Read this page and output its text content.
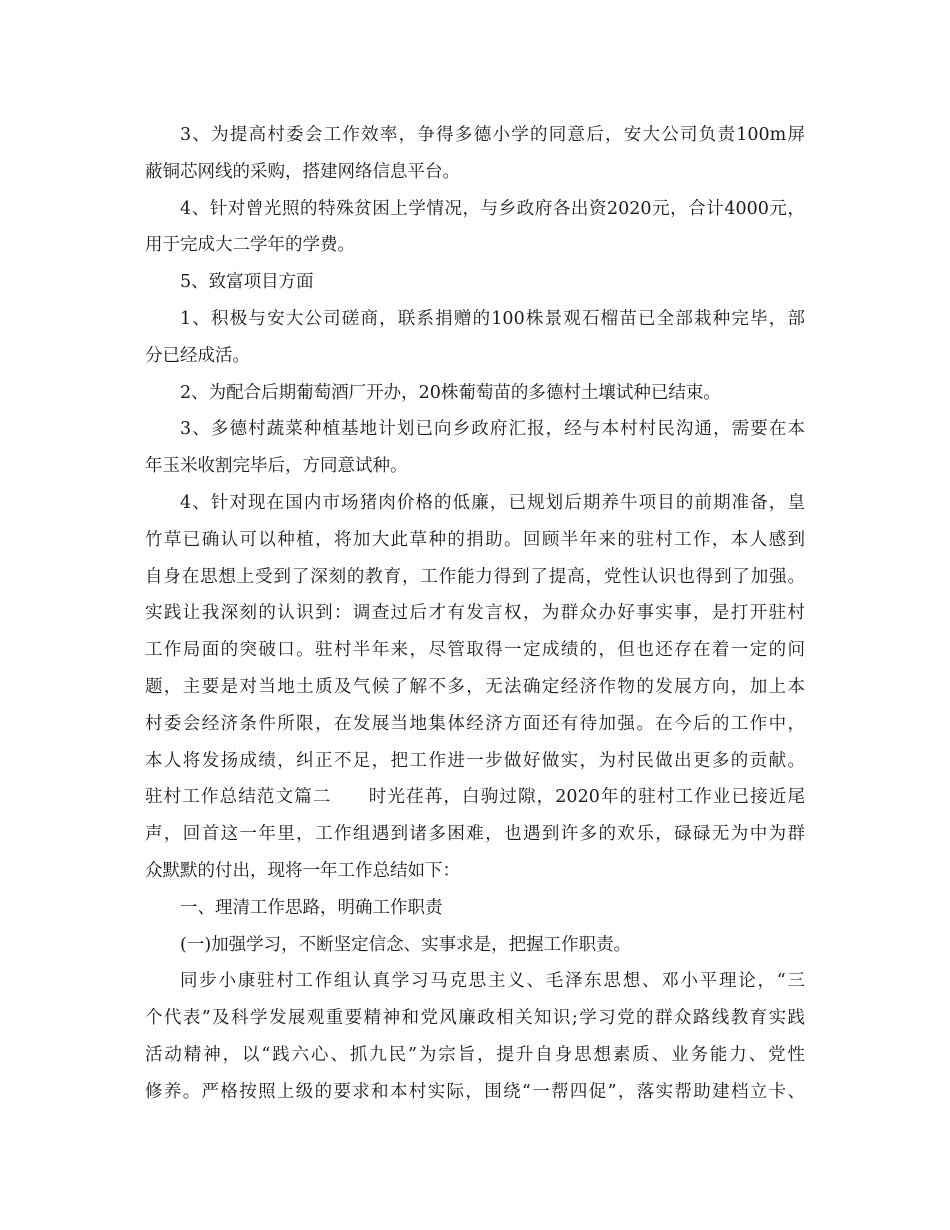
3、为提高村委会工作效率，争得多德小学的同意后，安大公司负责100m屏
蔽铜芯网线的采购，搭建网络信息平台。
4、针对曾光照的特殊贫困上学情况，与乡政府各出资2020元，合计4000元，
用于完成大二学年的学费。
5、致富项目方面
1、积极与安大公司磋商，联系捐赠的100株景观石榴苗已全部栽种完毕，部
分已经成活。
2、为配合后期葡萄酒厂开办，20株葡萄苗的多德村土壤试种已结束。
3、多德村蔬菜种植基地计划已向乡政府汇报，经与本村村民沟通，需要在本
年玉米收割完毕后，方同意试种。
4、针对现在国内市场猪肉价格的低廉，已规划后期养牛项目的前期准备，皇
竹草已确认可以种植，将加大此草种的捐助。回顾半年来的驻村工作，本人感到
自身在思想上受到了深刻的教育，工作能力得到了提高，党性认识也得到了加强。
实践让我深刻的认识到：调查过后才有发言权，为群众办好事实事，是打开驻村
工作局面的突破口。驻村半年来，尽管取得一定成绩的，但也还存在着一定的问
题，主要是对当地土质及气候了解不多，无法确定经济作物的发展方向，加上本
村委会经济条件所限，在发展当地集体经济方面还有待加强。在今后的工作中，
本人将发扬成绩，纠正不足，把工作进一步做好做实，为村民做出更多的贡献。
驻村工作总结范文篇二　　时光荏苒，白驹过隙，2020年的驻村工作业已接近尾
声，回首这一年里，工作组遇到诸多困难，也遇到许多的欢乐，碌碌无为中为群
众默默的付出，现将一年工作总结如下：
一、理清工作思路，明确工作职责
(一)加强学习，不断坚定信念、实事求是，把握工作职责。
同步小康驻村工作组认真学习马克思主义、毛泽东思想、邓小平理论，“三
个代表”及科学发展观重要精神和党风廉政相关知识;学习党的群众路线教育实践
活动精神，以“践六心、抓九民”为宗旨，提升自身思想素质、业务能力、党性
修养。严格按照上级的要求和本村实际，围绕“一帮四促”，落实帮助建档立卡、
